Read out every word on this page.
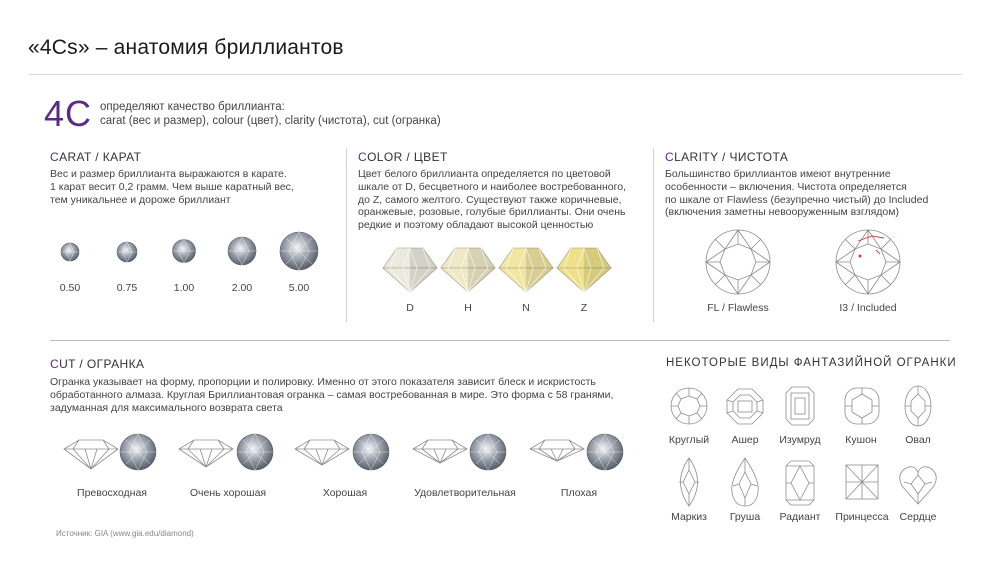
«4Cs» – анатомия бриллиантов
4С определяют качество бриллианта:
carat (вес и размер), colour (цвет), clarity (чистота), cut (огранка)
CARAT / КАРАТ
Вес и размер бриллианта выражаются в карате.
1 карат весит 0,2 грамм. Чем выше каратный вес,
тем уникальнее и дороже бриллиант
0.50	0.75	1.00	2.00	5.00
COLOR / ЦВЕТ
Цвет белого бриллианта определяется по цветовой
шкале от D, бесцветного и наиболее востребованного,
до Z, самого желтого. Существуют также коричневые,
оранжевые, розовые, голубые бриллианты. Они очень
редкие и поэтому обладают высокой ценностью
D	H	N	Z
CLARITY / ЧИСТОТА
Большинство бриллиантов имеют внутренние
особенности – включения. Чистота определяется
по шкале от Flawless (безупречно чистый) до Included
(включения заметны невооруженным взглядом)
FL / Flawless	I3 / Included
CUT / ОГРАНКА
Огранка указывает на форму, пропорции и полировку. Именно от этого показателя зависит блеск и искристость
обработанного алмаза. Круглая Бриллиантовая огранка – самая востребованная в мире. Это форма с 58 гранями,
задуманная для максимального возврата света
Превосходная	Очень хорошая	Хорошая	Удовлетворительная	Плохая
НЕКОТОРЫЕ ВИДЫ ФАНТАЗИЙНОЙ ОГРАНКИ
Круглый	Ашер	Изумруд	Кушон	Овал
Маркиз	Груша	Радиант	Принцесса	Сердце
Источник: GIA (www.gia.edu/diamond)
